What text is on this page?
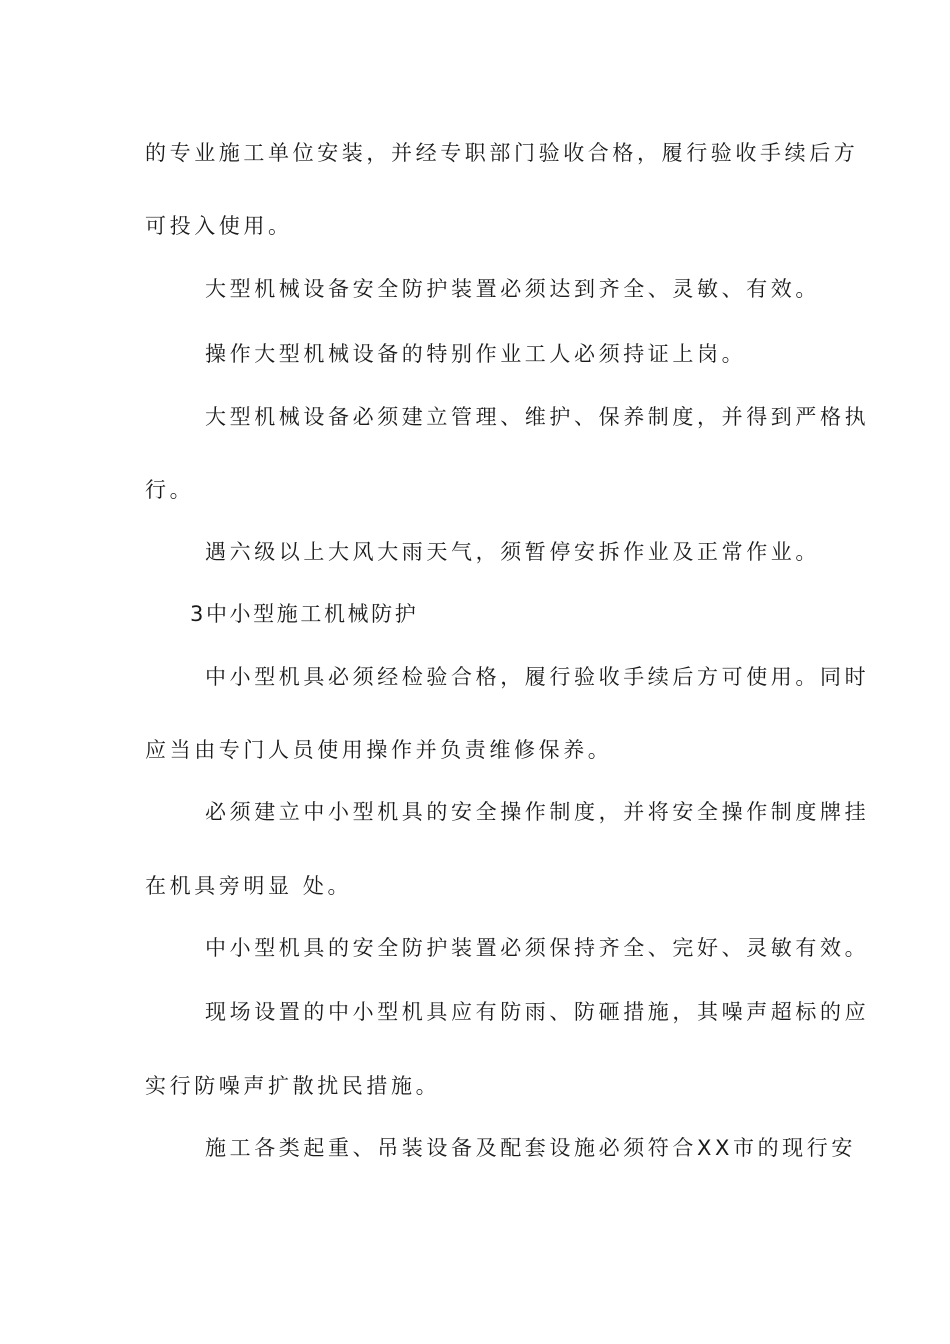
的专业施工单位安装，并经专职部门验收合格，履行验收手续后方
可投入使用。
大型机械设备安全防护装置必须达到齐全、灵敏、有效。
操作大型机械设备的特别作业工人必须持证上岗。
大型机械设备必须建立管理、维护、保养制度，并得到严格执
行。
遇六级以上大风大雨天气，须暂停安拆作业及正常作业。
3中小型施工机械防护
中小型机具必须经检验合格，履行验收手续后方可使用。同时
应当由专门人员使用操作并负责维修保养。
必须建立中小型机具的安全操作制度，并将安全操作制度牌挂
在机具旁明显 处。
中小型机具的安全防护装置必须保持齐全、完好、灵敏有效。
现场设置的中小型机具应有防雨、防砸措施，其噪声超标的应
实行防噪声扩散扰民措施。
施工各类起重、吊装设备及配套设施必须符合XX市的现行安
